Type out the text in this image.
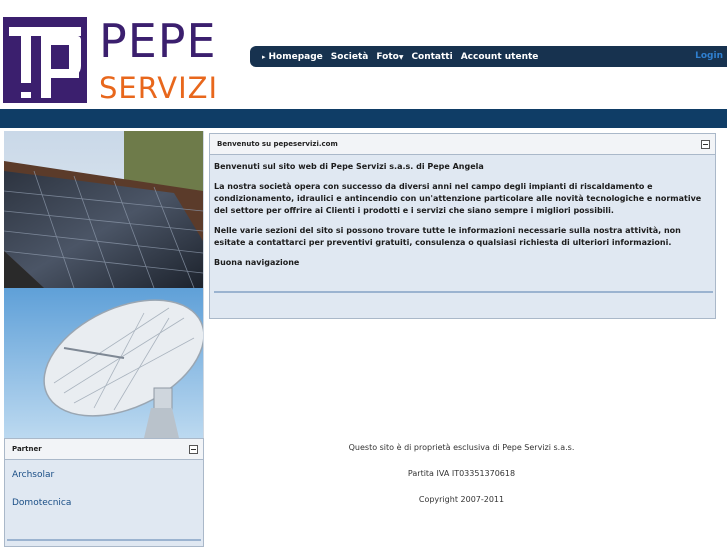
PEPE
SERVIZI
▸ Homepage Società Foto▼ Contatti Account utente	Login
Partner
Archsolar
Domotecnica
Benvenuto su pepeservizi.com

Benvenuti sul sito web di Pepe Servizi s.a.s. di Pepe Angela

La nostra società opera con successo da diversi anni nel campo degli impianti di riscaldamento e condizionamento, idraulici e antincendio con un'attenzione particolare alle novità tecnologiche e normative del settore per offrire ai Clienti i prodotti e i servizi che siano sempre i migliori possibili.

Nelle varie sezioni del sito si possono trovare tutte le informazioni necessarie sulla nostra attività, non esitate a contattarci per preventivi gratuiti, consulenza o qualsiasi richiesta di ulteriori informazioni.

Buona navigazione

Questo sito è di proprietà esclusiva di Pepe Servizi s.a.s.
Partita IVA IT03351370618
Copyright 2007-2011
